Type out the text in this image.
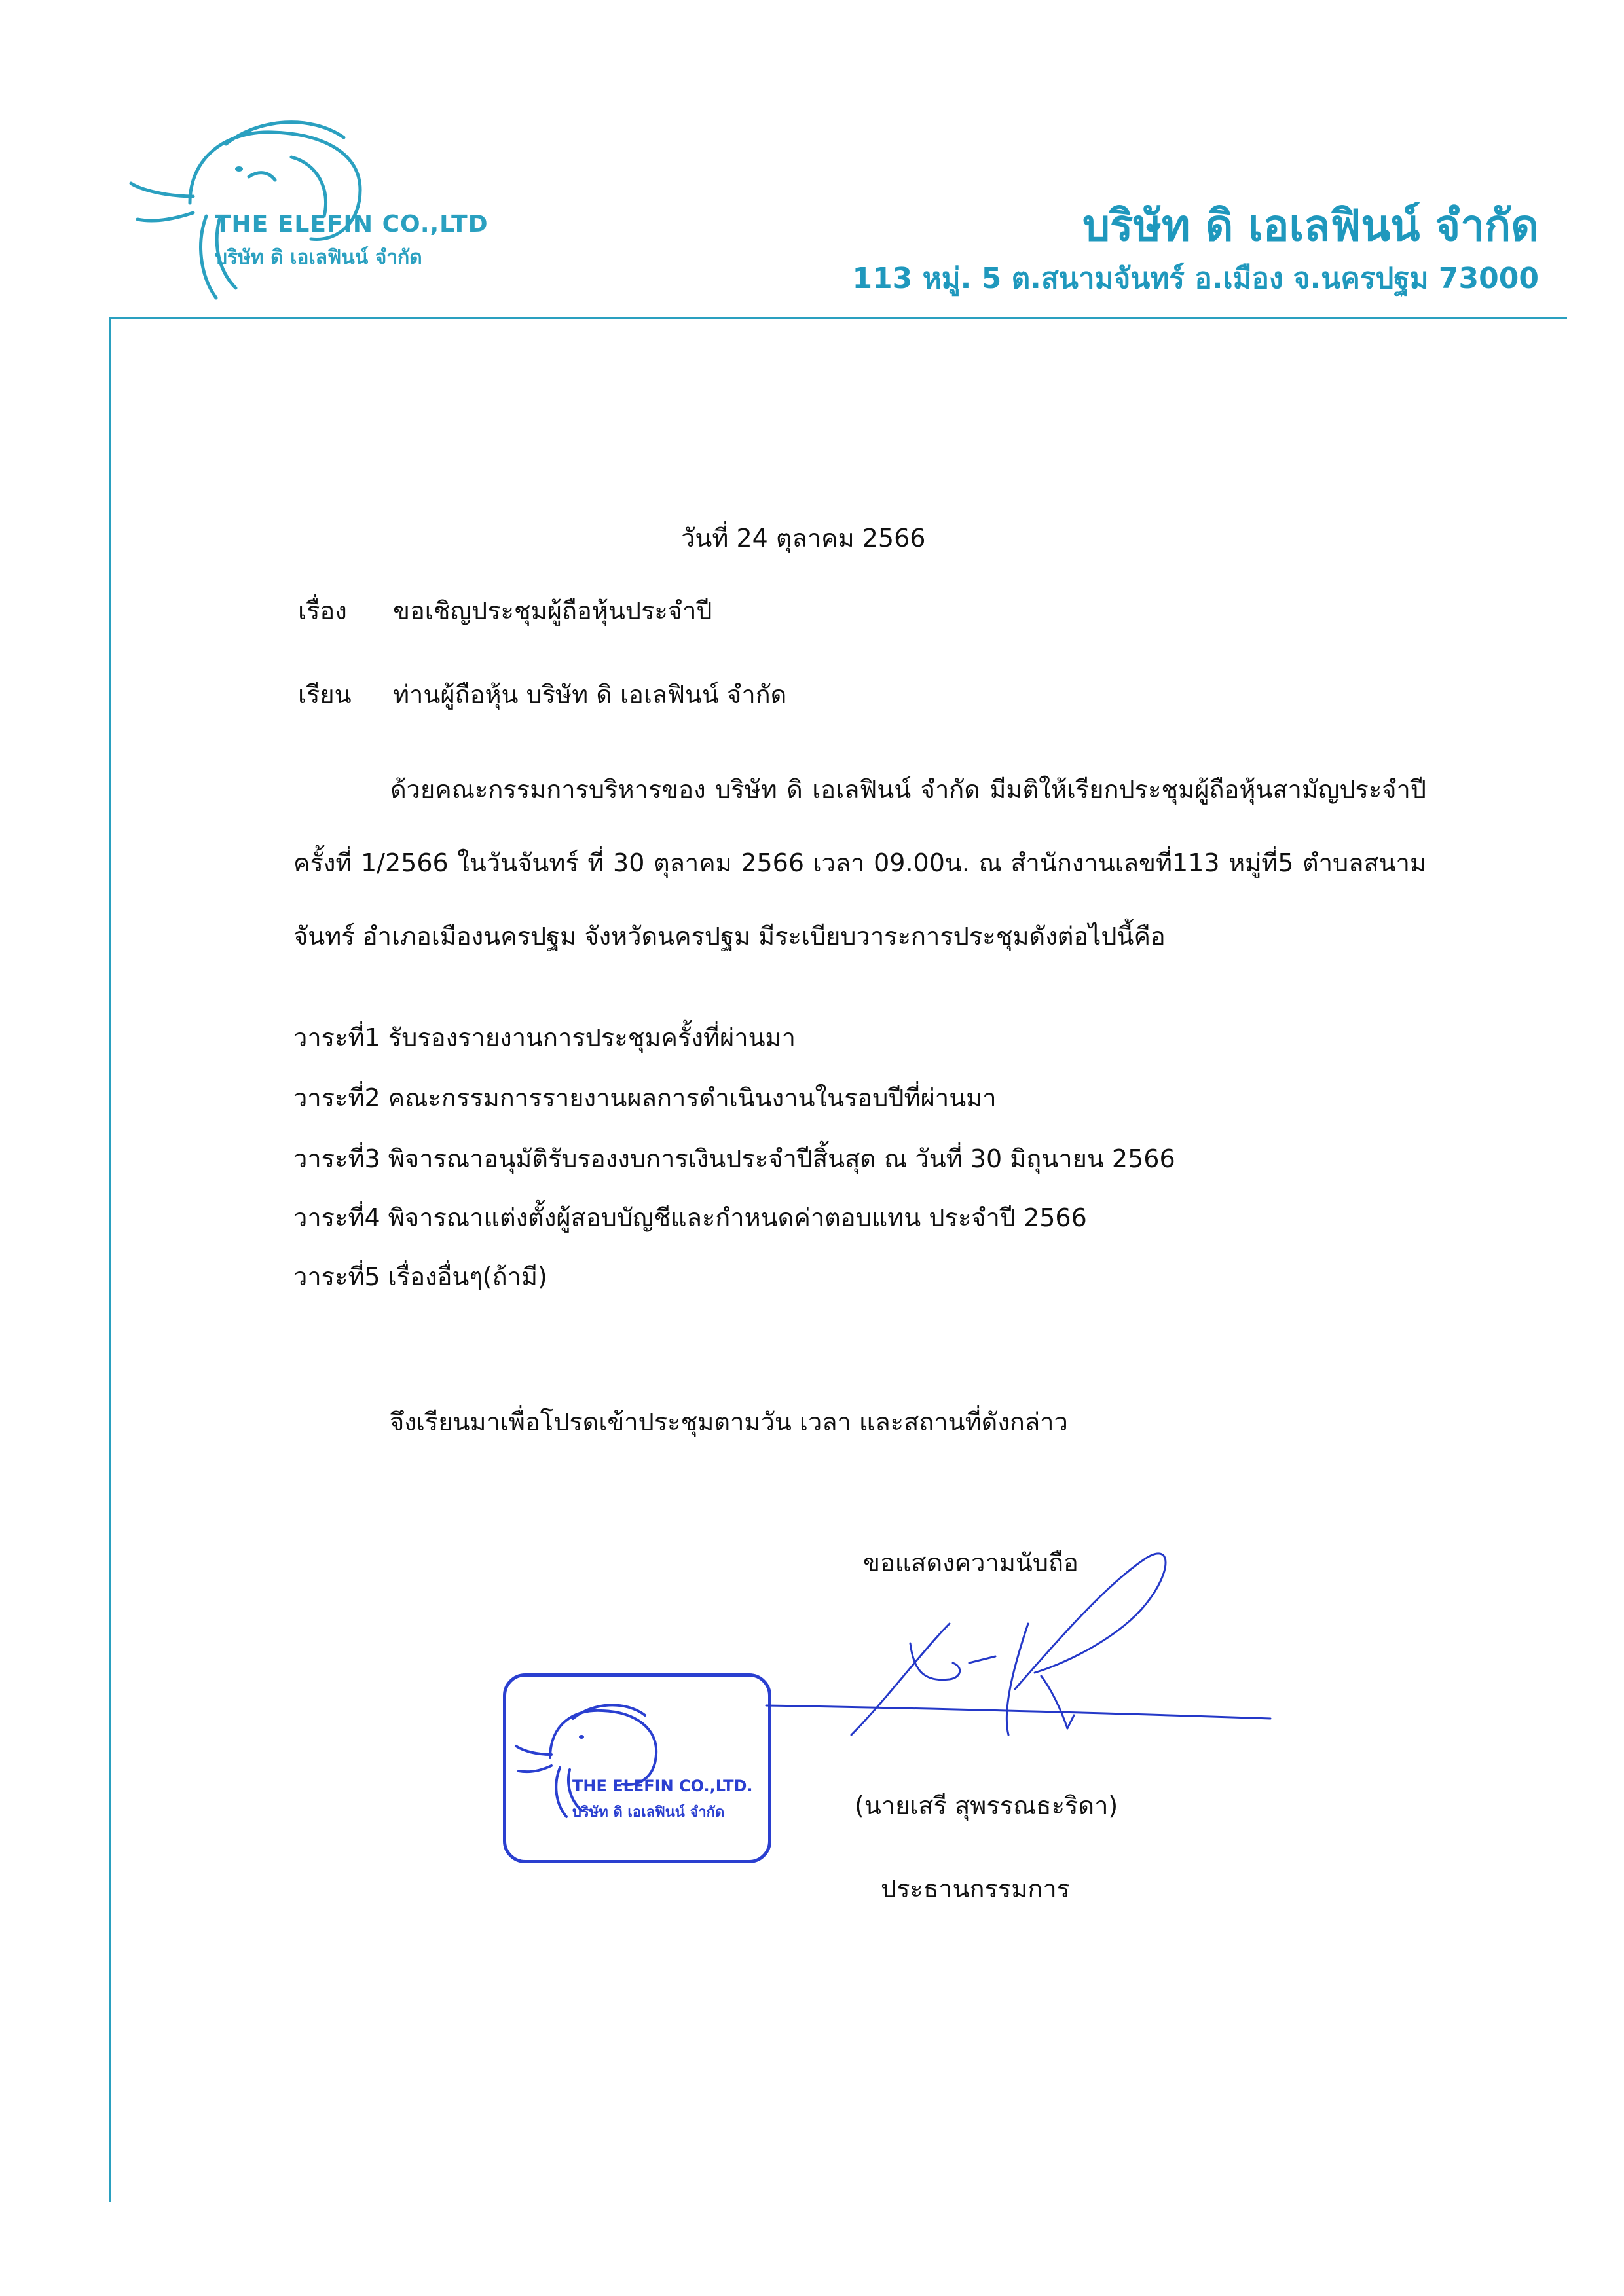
THE ELEFIN CO.,LTD
บริษัท ดิ เอเลฟินน์ จำกัด
บริษัท ดิ เอเลฟินน์ จำกัด
113 หมู่. 5 ต.สนามจันทร์ อ.เมือง จ.นครปฐม 73000
วันที่ 24 ตุลาคม 2566
เรื่อง ขอเชิญประชุมผู้ถือหุ้นประจำปี
เรียน ท่านผู้ถือหุ้น บริษัท ดิ เอเลฟินน์ จำกัด
ด้วยคณะกรรมการบริหารของ บริษัท ดิ เอเลฟินน์ จำกัด มีมติให้เรียกประชุมผู้ถือหุ้นสามัญประจำปี ครั้งที่ 1/2566 ในวันจันทร์ ที่ 30 ตุลาคม 2566 เวลา 09.00น. ณ สำนักงานเลขที่113 หมู่ที่5 ตำบลสนามจันทร์ อำเภอเมืองนครปฐม จังหวัดนครปฐม มีระเบียบวาระการประชุมดังต่อไปนี้คือ
วาระที่1 รับรองรายงานการประชุมครั้งที่ผ่านมา
วาระที่2 คณะกรรมการรายงานผลการดำเนินงานในรอบปีที่ผ่านมา
วาระที่3 พิจารณาอนุมัติรับรองงบการเงินประจำปีสิ้นสุด ณ วันที่ 30 มิถุนายน 2566
วาระที่4 พิจารณาแต่งตั้งผู้สอบบัญชีและกำหนดค่าตอบแทน ประจำปี 2566
วาระที่5 เรื่องอื่นๆ(ถ้ามี)
จึงเรียนมาเพื่อโปรดเข้าประชุมตามวัน เวลา และสถานที่ดังกล่าว
ขอแสดงความนับถือ
THE ELEFIN CO.,LTD.
บริษัท ดิ เอเลฟินน์ จำกัด	(นายเสรี สุพรรณธะริดา)
ประธานกรรมการ
